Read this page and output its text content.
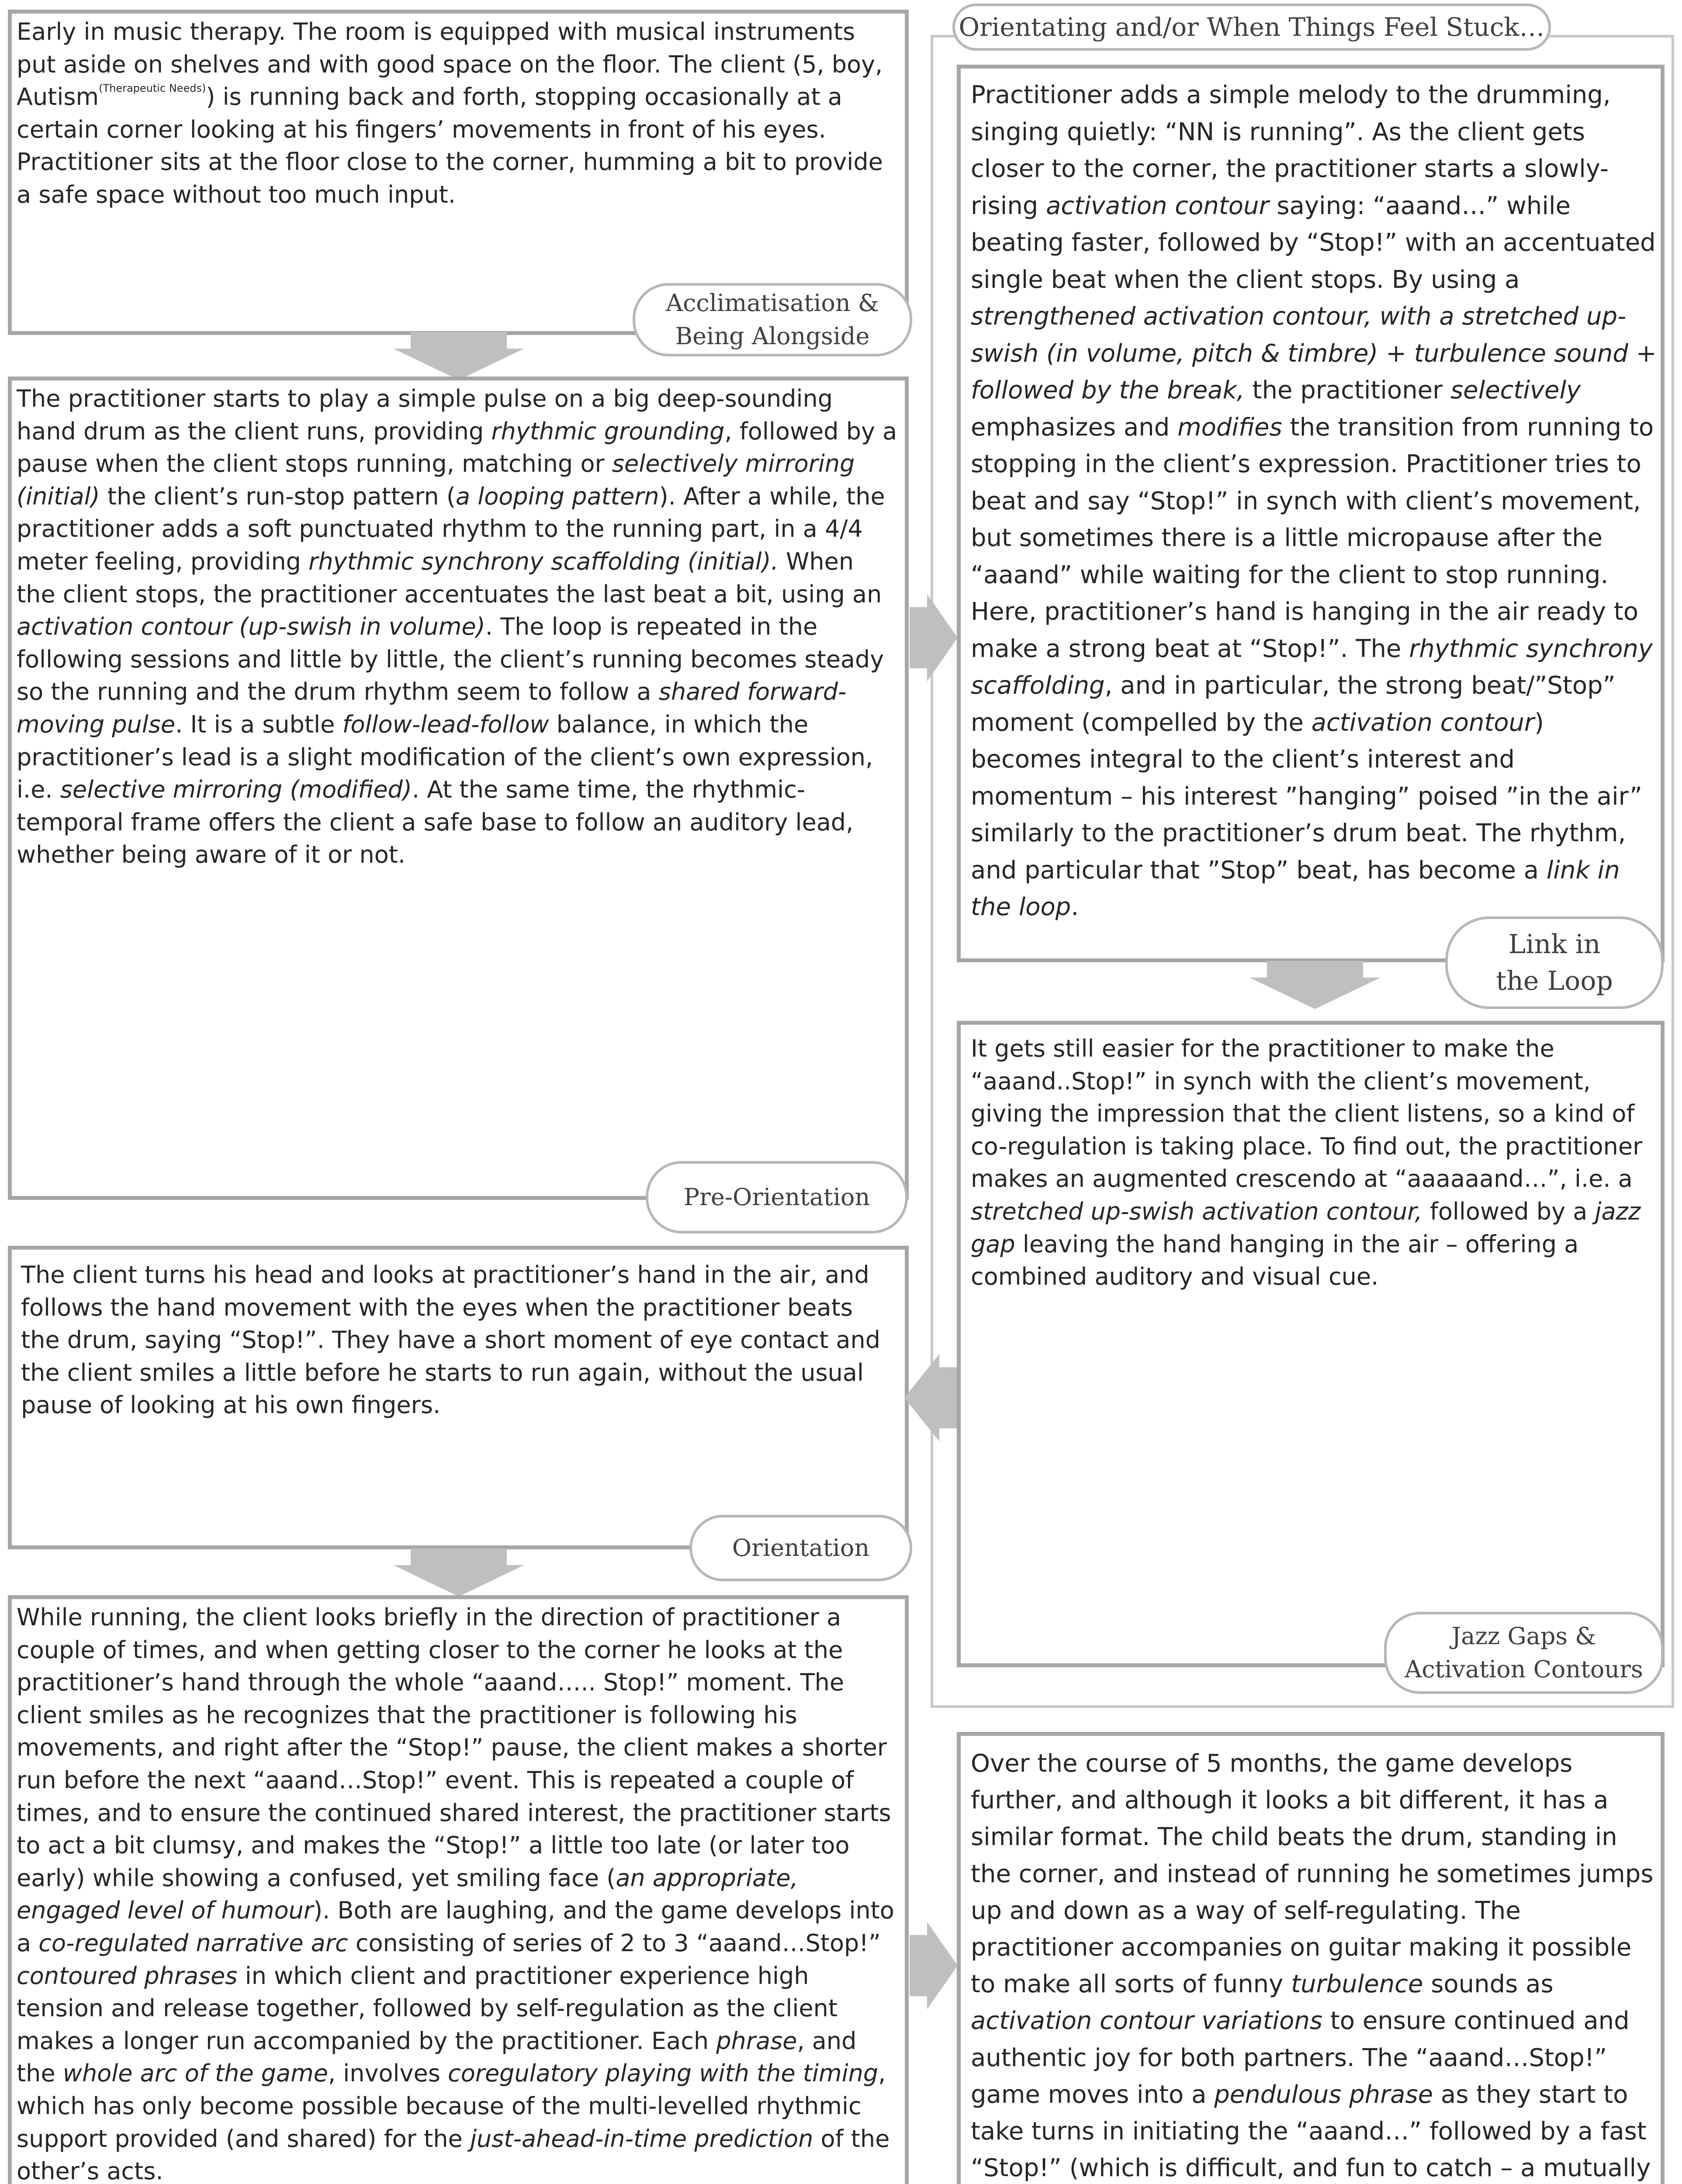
Orientating and/or When Things Feel Stuck…
Early in music therapy. The room is equipped with musical instruments put aside on shelves and with good space on the floor. The client (5, boy, Autism$^{(Therapeutic Needs)}$) is running back and forth, stopping occasionally at a certain corner looking at his fingers’ movements in front of his eyes. Practitioner sits at the floor close to the corner, humming a bit to provide a safe space without too much input.
Acclimatisation &
Being Alongside
The practitioner starts to play a simple pulse on a big deep-sounding hand drum as the client runs, providing rhythmic grounding, followed by a pause when the client stops running, matching or selectively mirroring (initial) the client’s run-stop pattern (a looping pattern). After a while, the practitioner adds a soft punctuated rhythm to the running part, in a 4/4 meter feeling, providing rhythmic synchrony scaffolding (initial). When the client stops, the practitioner accentuates the last beat a bit, using an activation contour (up-swish in volume). The loop is repeated in the following sessions and little by little, the client’s running becomes steady so the running and the drum rhythm seem to follow a shared forward-moving pulse. It is a subtle follow-lead-follow balance, in which the practitioner’s lead is a slight modification of the client’s own expression, i.e. selective mirroring (modified). At the same time, the rhythmic-temporal frame offers the client a safe base to follow an auditory lead, whether being aware of it or not.
Pre-Orientation
The client turns his head and looks at practitioner’s hand in the air, and follows the hand movement with the eyes when the practitioner beats the drum, saying “Stop!”. They have a short moment of eye contact and the client smiles a little before he starts to run again, without the usual pause of looking at his own fingers.
Orientation
While running, the client looks briefly in the direction of practitioner a couple of times, and when getting closer to the corner he looks at the practitioner’s hand through the whole “aaand….. Stop!” moment. The client smiles as he recognizes that the practitioner is following his movements, and right after the “Stop!” pause, the client makes a shorter run before the next “aaand…Stop!” event. This is repeated a couple of times, and to ensure the continued shared interest, the practitioner starts to act a bit clumsy, and makes the “Stop!” a little too late (or later too early) while showing a confused, yet smiling face (an appropriate, engaged level of humour). Both are laughing, and the game develops into a co-regulated narrative arc consisting of series of 2 to 3 “aaand…Stop!” contoured phrases in which client and practitioner experience high tension and release together, followed by self-regulation as the client makes a longer run accompanied by the practitioner. Each phrase, and the whole arc of the game, involves coregulatory playing with the timing, which has only become possible because of the multi-levelled rhythmic support provided (and shared) for the just-ahead-in-time prediction of the other’s acts.
Practitioner adds a simple melody to the drumming, singing quietly: “NN is running”. As the client gets closer to the corner, the practitioner starts a slowly-rising activation contour saying: “aaand…” while beating faster, followed by “Stop!” with an accentuated single beat when the client stops. By using a strengthened activation contour, with a stretched up-swish (in volume, pitch & timbre) + turbulence sound + followed by the break, the practitioner selectively emphasizes and modifies the transition from running to stopping in the client’s expression. Practitioner tries to beat and say “Stop!” in synch with client’s movement, but sometimes there is a little micropause after the “aaand” while waiting for the client to stop running. Here, practitioner’s hand is hanging in the air ready to make a strong beat at “Stop!”. The rhythmic synchrony scaffolding, and in particular, the strong beat/”Stop” moment (compelled by the activation contour) becomes integral to the client’s interest and momentum – his interest ”hanging” poised ”in the air” similarly to the practitioner’s drum beat. The rhythm, and particular that ”Stop” beat, has become a link in the loop.
Link in
the Loop
It gets still easier for the practitioner to make the “aaand..Stop!” in synch with the client’s movement, giving the impression that the client listens, so a kind of co-regulation is taking place. To find out, the practitioner makes an augmented crescendo at “aaaaaand…”, i.e. a stretched up-swish activation contour, followed by a jazz gap leaving the hand hanging in the air – offering a combined auditory and visual cue.
Jazz Gaps &
Activation Contours
Over the course of 5 months, the game develops further, and although it looks a bit different, it has a similar format. The child beats the drum, standing in the corner, and instead of running he sometimes jumps up and down as a way of self-regulating. The practitioner accompanies on guitar making it possible to make all sorts of funny turbulence sounds as activation contour variations to ensure continued and authentic joy for both partners. The “aaand…Stop!” game moves into a pendulous phrase as they start to take turns in initiating the “aaand…” followed by a fast “Stop!” (which is difficult, and fun to catch – a mutually
